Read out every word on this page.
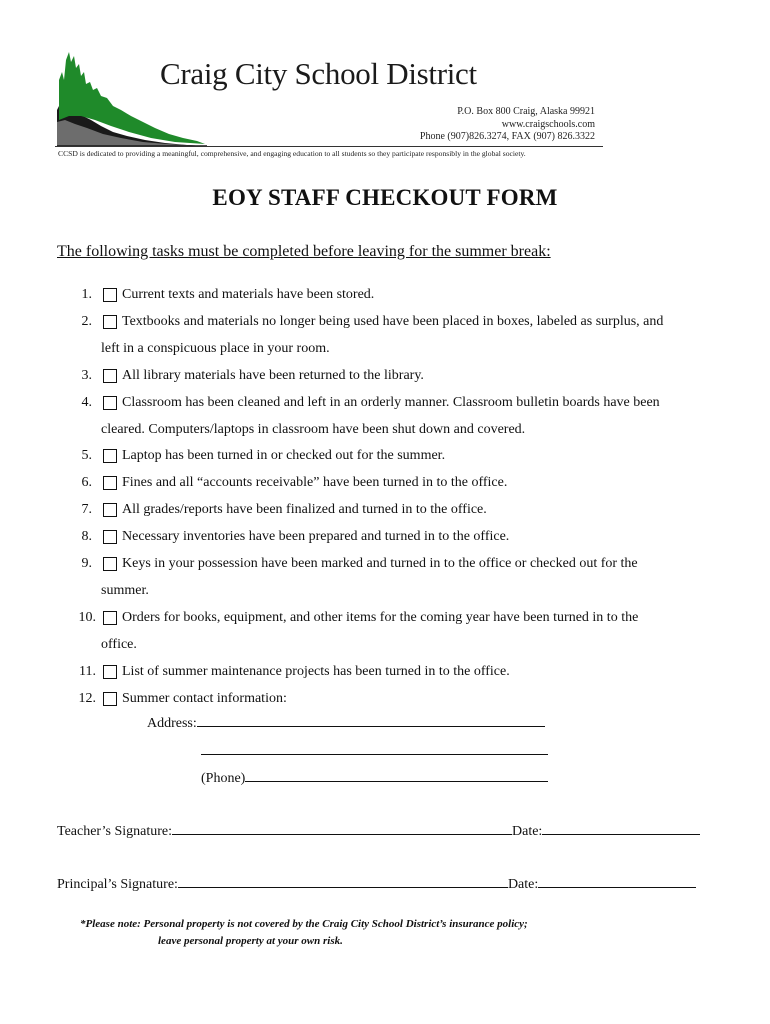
Craig City School District
P.O. Box 800 Craig, Alaska 99921
www.craigschools.com
Phone (907)826.3274, FAX (907) 826.3322
CCSD is dedicated to providing a meaningful, comprehensive, and engaging education to all students so they participate responsibly in the global society.
EOY STAFF CHECKOUT FORM
The following tasks must be completed before leaving for the summer break:
1. Current texts and materials have been stored.
2. Textbooks and materials no longer being used have been placed in boxes, labeled as surplus, and
left in a conspicuous place in your room.
3. All library materials have been returned to the library.
4. Classroom has been cleaned and left in an orderly manner. Classroom bulletin boards have been
cleared. Computers/laptops in classroom have been shut down and covered.
5. Laptop has been turned in or checked out for the summer.
6. Fines and all “accounts receivable” have been turned in to the office.
7. All grades/reports have been finalized and turned in to the office.
8. Necessary inventories have been prepared and turned in to the office.
9. Keys in your possession have been marked and turned in to the office or checked out for the
summer.
10. Orders for books, equipment, and other items for the coming year have been turned in to the
office.
11. List of summer maintenance projects has been turned in to the office.
12. Summer contact information:
Address:
(Phone)
Teacher’s Signature:	Date:
Principal’s Signature:	Date:
*Please note: Personal property is not covered by the Craig City School District’s insurance policy;
leave personal property at your own risk.
